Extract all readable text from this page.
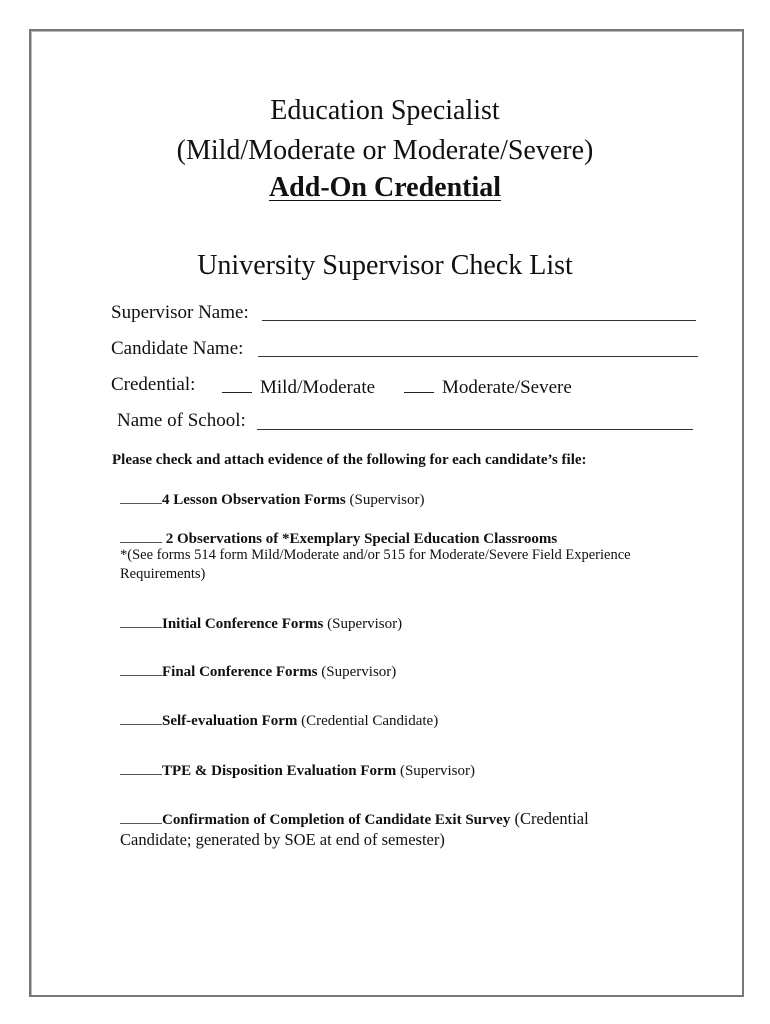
Education Specialist
(Mild/Moderate or Moderate/Severe)
Add-On Credential
University Supervisor Check List
Supervisor Name:
Candidate Name:
Credential:	Mild/Moderate	Moderate/Severe
Name of School:
Please check and attach evidence of the following for each candidate’s file:
4 Lesson Observation Forms (Supervisor)
2 Observations of *Exemplary Special Education Classrooms
*(See forms 514 form Mild/Moderate and/or 515 for Moderate/Severe Field Experience
Requirements)
Initial Conference Forms (Supervisor)
Final Conference Forms (Supervisor)
Self-evaluation Form (Credential Candidate)
TPE & Disposition Evaluation Form (Supervisor)
Confirmation of Completion of Candidate Exit Survey (Credential
Candidate; generated by SOE at end of semester)
